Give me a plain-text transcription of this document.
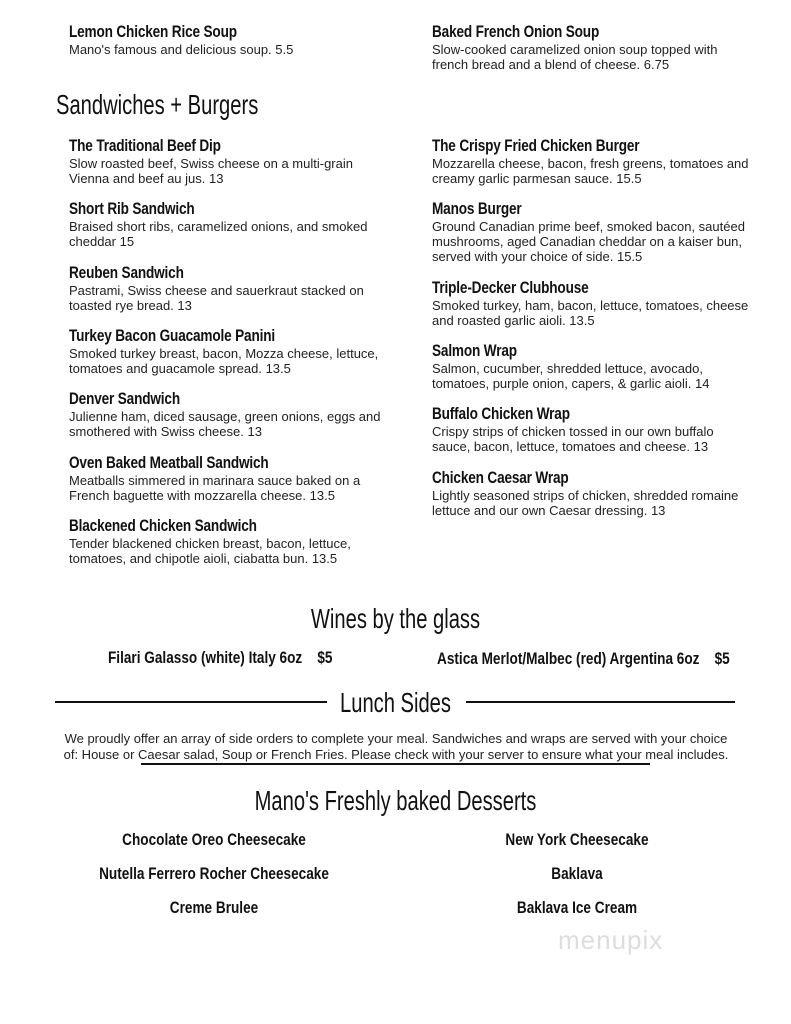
Lemon Chicken Rice Soup
Mano's famous and delicious soup. 5.5
Baked French Onion Soup
Slow-cooked caramelized onion soup topped with french bread and a blend of cheese. 6.75
Sandwiches + Burgers
The Traditional Beef Dip
Slow roasted beef, Swiss cheese on a multi-grain Vienna and beef au jus. 13
Short Rib Sandwich
Braised short ribs, caramelized onions, and smoked cheddar 15
Reuben Sandwich
Pastrami, Swiss cheese and sauerkraut stacked on toasted rye bread. 13
Turkey Bacon Guacamole Panini
Smoked turkey breast, bacon, Mozza cheese, lettuce, tomatoes and guacamole spread. 13.5
Denver Sandwich
Julienne ham, diced sausage, green onions, eggs and smothered with Swiss cheese. 13
Oven Baked Meatball Sandwich
Meatballs simmered in marinara sauce baked on a French baguette with mozzarella cheese. 13.5
Blackened Chicken Sandwich
Tender blackened chicken breast, bacon, lettuce, tomatoes, and chipotle aioli, ciabatta bun. 13.5
The Crispy Fried Chicken Burger
Mozzarella cheese, bacon, fresh greens, tomatoes and creamy garlic parmesan sauce. 15.5
Manos Burger
Ground Canadian prime beef, smoked bacon, sautéed mushrooms, aged Canadian cheddar on a kaiser bun, served with your choice of side. 15.5
Triple-Decker Clubhouse
Smoked turkey, ham, bacon, lettuce, tomatoes, cheese and roasted garlic aioli. 13.5
Salmon Wrap
Salmon, cucumber, shredded lettuce, avocado, tomatoes, purple onion, capers, & garlic aioli. 14
Buffalo Chicken Wrap
Crispy strips of chicken tossed in our own buffalo sauce, bacon, lettuce, tomatoes and cheese. 13
Chicken Caesar Wrap
Lightly seasoned strips of chicken, shredded romaine lettuce and our own Caesar dressing. 13
Wines by the glass
Filari Galasso (white) Italy 6oz $5	Astica Merlot/Malbec (red) Argentina 6oz $5
Lunch Sides
We proudly offer an array of side orders to complete your meal. Sandwiches and wraps are served with your choice of: House or Caesar salad, Soup or French Fries. Please check with your server to ensure what your meal includes.
Mano's Freshly baked Desserts
Chocolate Oreo Cheesecake
Nutella Ferrero Rocher Cheesecake
Creme Brulee
New York Cheesecake
Baklava
Baklava Ice Cream
menupix
